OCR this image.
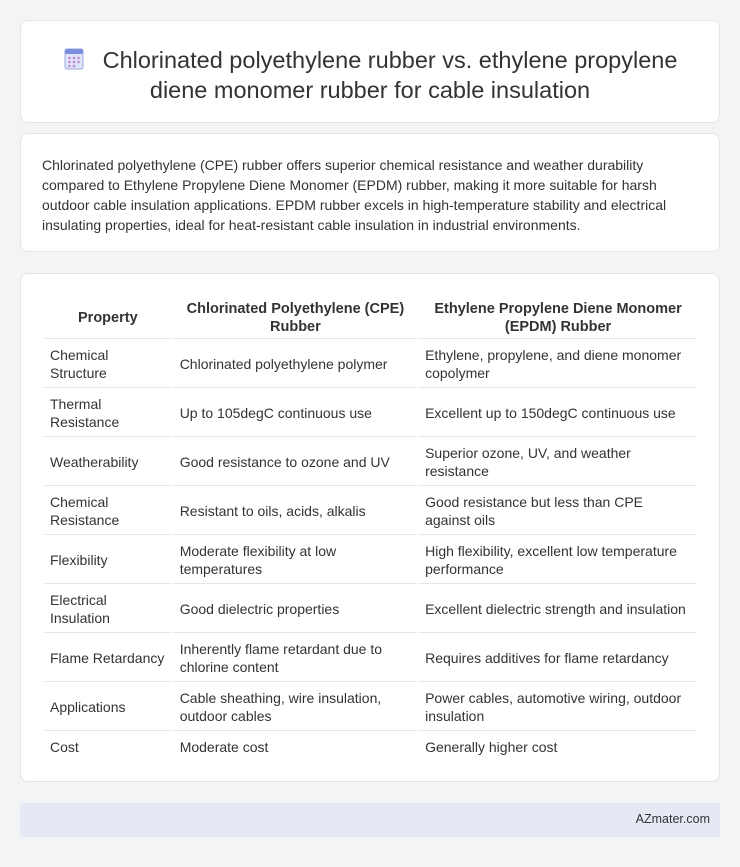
Chlorinated polyethylene rubber vs. ethylene propylene diene monomer rubber for cable insulation

Chlorinated polyethylene (CPE) rubber offers superior chemical resistance and weather durability compared to Ethylene Propylene Diene Monomer (EPDM) rubber, making it more suitable for harsh outdoor cable insulation applications. EPDM rubber excels in high-temperature stability and electrical insulating properties, ideal for heat-resistant cable insulation in industrial environments.

Property	Chlorinated Polyethylene (CPE) Rubber	Ethylene Propylene Diene Monomer (EPDM) Rubber
Chemical Structure	Chlorinated polyethylene polymer	Ethylene, propylene, and diene monomer copolymer
Thermal Resistance	Up to 105degC continuous use	Excellent up to 150degC continuous use
Weatherability	Good resistance to ozone and UV	Superior ozone, UV, and weather resistance
Chemical Resistance	Resistant to oils, acids, alkalis	Good resistance but less than CPE against oils
Flexibility	Moderate flexibility at low temperatures	High flexibility, excellent low temperature performance
Electrical Insulation	Good dielectric properties	Excellent dielectric strength and insulation
Flame Retardancy	Inherently flame retardant due to chlorine content	Requires additives for flame retardancy
Applications	Cable sheathing, wire insulation, outdoor cables	Power cables, automotive wiring, outdoor insulation
Cost	Moderate cost	Generally higher cost
AZmater.com
